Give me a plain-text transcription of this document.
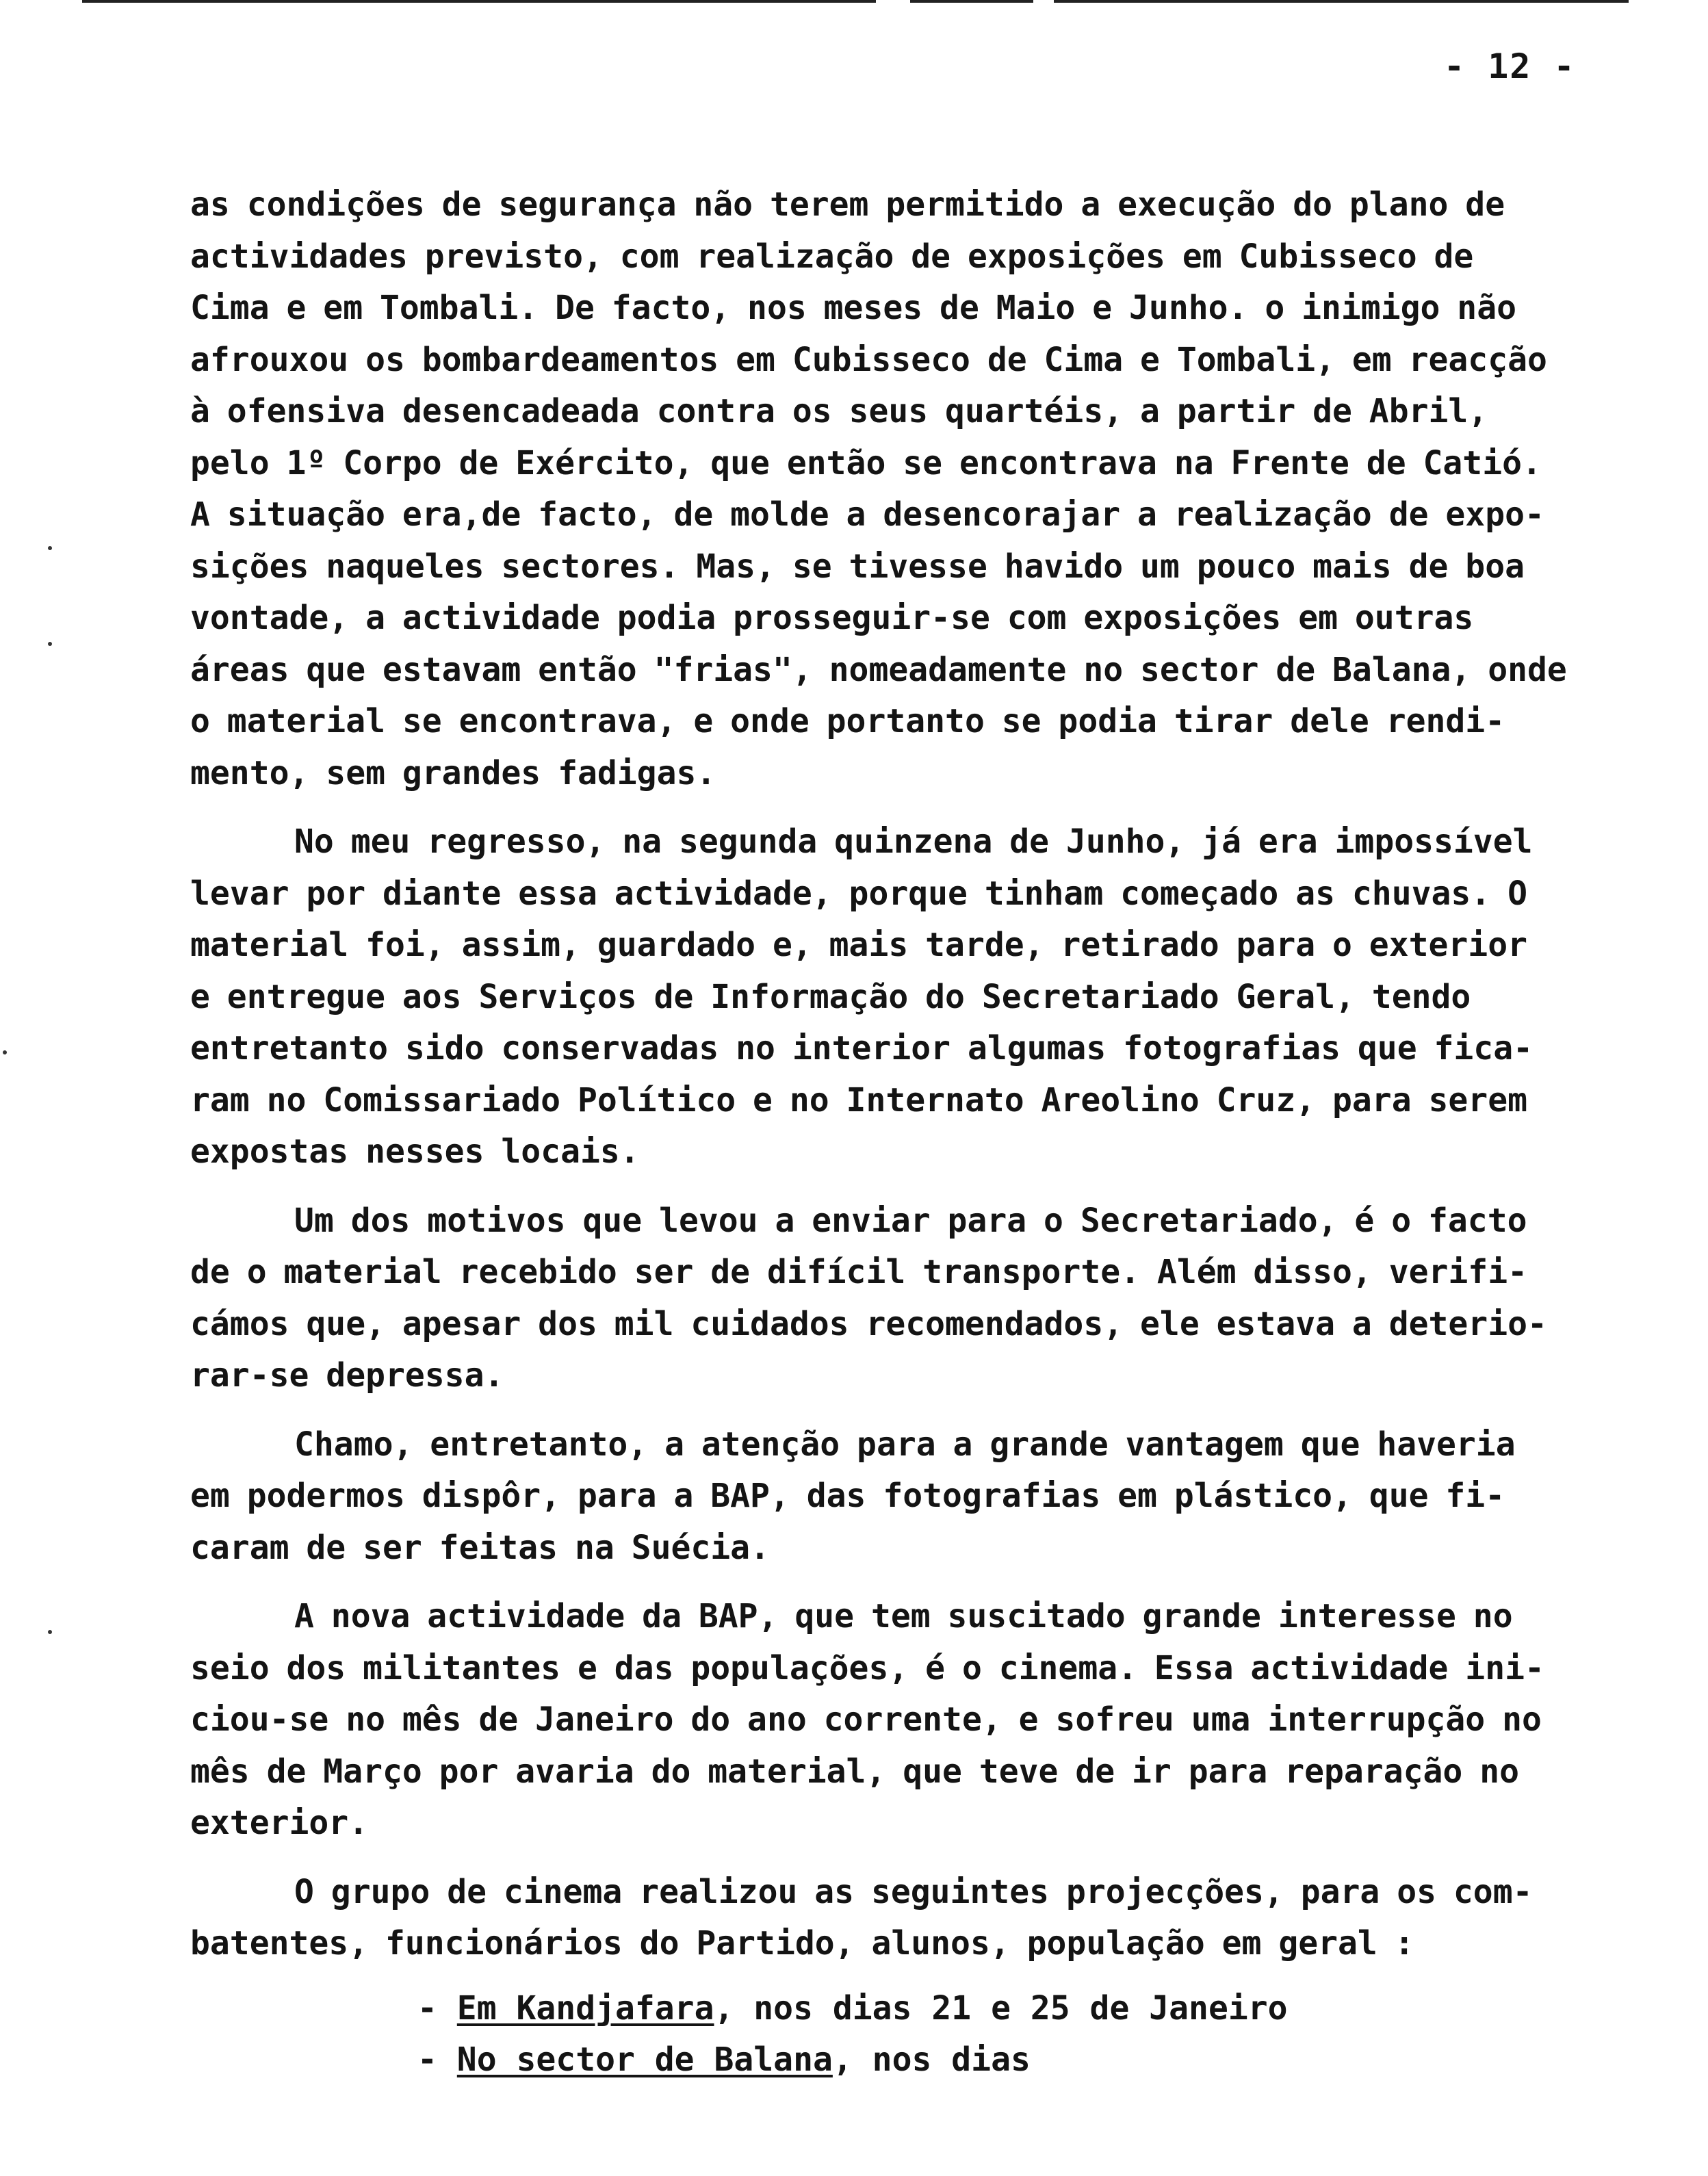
- 12 -
as condições de segurança não terem permitido a execução do plano de
actividades previsto, com realização de exposições em Cubisseco de
Cima e em Tombali. De facto, nos meses de Maio e Junho. o inimigo não
afrouxou os bombardeamentos em Cubisseco de Cima e Tombali, em reacção
à ofensiva desencadeada contra os seus quartéis, a partir de Abril,
pelo 1º Corpo de Exército, que então se encontrava na Frente de Catió.
A situação era,de facto, de molde a desencorajar a realização de expo-
sições naqueles sectores. Mas, se tivesse havido um pouco mais de boa
vontade, a actividade podia prosseguir-se com exposições em outras
áreas que estavam então "frias", nomeadamente no sector de Balana, onde
o material se encontrava, e onde portanto se podia tirar dele rendi-
mento, sem grandes fadigas.
No meu regresso, na segunda quinzena de Junho, já era impossível
levar por diante essa actividade, porque tinham começado as chuvas. O
material foi, assim, guardado e, mais tarde, retirado para o exterior
e entregue aos Serviços de Informação do Secretariado Geral, tendo
entretanto sido conservadas no interior algumas fotografias que fica-
ram no Comissariado Político e no Internato Areolino Cruz, para serem
expostas nesses locais.
Um dos motivos que levou a enviar para o Secretariado, é o facto
de o material recebido ser de difícil transporte. Além disso, verifi-
cámos que, apesar dos mil cuidados recomendados, ele estava a deterio-
rar-se depressa.
Chamo, entretanto, a atenção para a grande vantagem que haveria
em podermos dispôr, para a BAP, das fotografias em plástico, que fi-
caram de ser feitas na Suécia.
A nova actividade da BAP, que tem suscitado grande interesse no
seio dos militantes e das populações, é o cinema. Essa actividade ini-
ciou-se no mês de Janeiro do ano corrente, e sofreu uma interrupção no
mês de Março por avaria do material, que teve de ir para reparação no
exterior.
O grupo de cinema realizou as seguintes projecções, para os com-
batentes, funcionários do Partido, alunos, população em geral :
- Em Kandjafara, nos dias 21 e 25 de Janeiro
- No sector de Balana, nos dias
